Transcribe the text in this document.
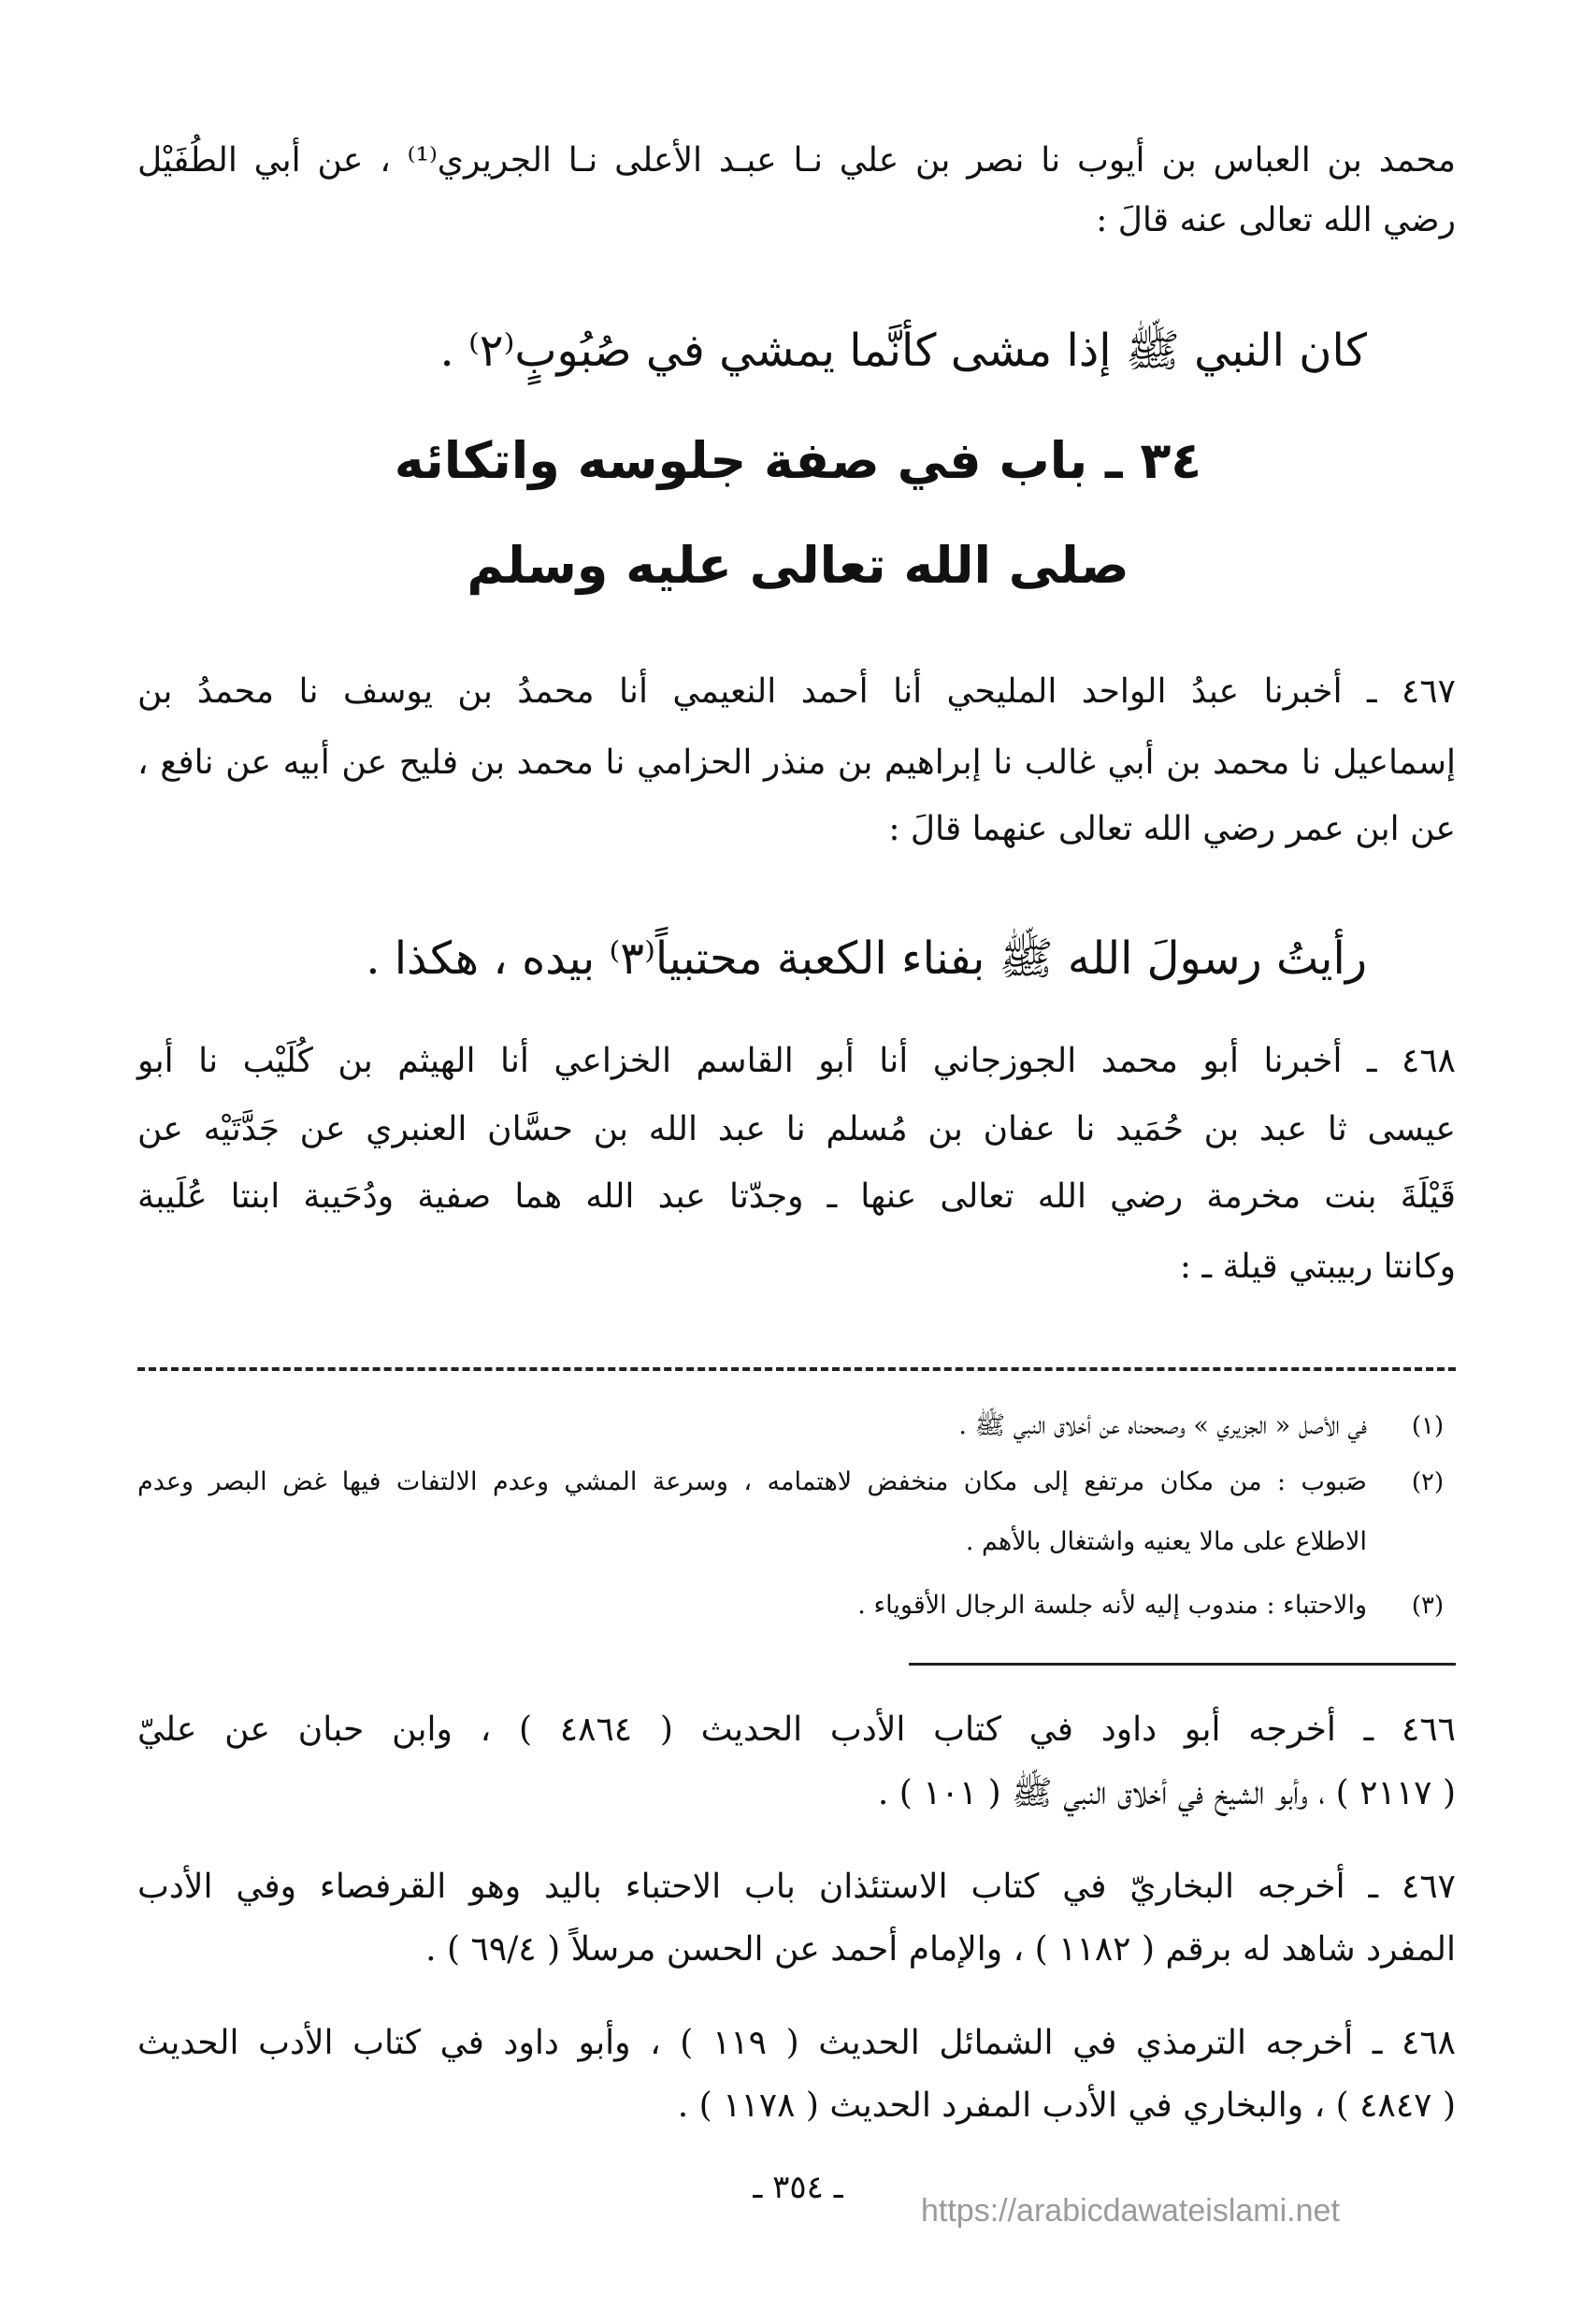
محمد بن العباس بن أيوب نا نصر بن علي نـا عبـد الأعلى نـا الجريري⁽¹⁾ ، عن أبي الطُفَيْل
رضي الله تعالى عنه قالَ :
كان النبي ﷺ إذا مشى كأنَّما يمشي في صُبُوبٍ⁽٢⁾ .
٣٤ ـ باب في صفة جلوسه واتكائه
صلى الله تعالى عليه وسلم
٤٦٧ ـ أخبرنا عبدُ الواحد المليحي أنا أحمد النعيمي أنا محمدُ بن يوسف نا محمدُ بن
إسماعيل نا محمد بن أبي غالب نا إبراهيم بن منذر الحزامي نا محمد بن فليح عن أبيه عن نافع ،
عن ابن عمر رضي الله تعالى عنهما قالَ :
رأيتُ رسولَ الله ﷺ بفناء الكعبة محتبياً⁽٣⁾ بيده ، هكذا .
٤٦٨ ـ أخبرنا أبو محمد الجوزجاني أنا أبو القاسم الخزاعي أنا الهيثم بن كُلَيْب نا أبو
عيسى ثا عبد بن حُمَيد نا عفان بن مُسلم نا عبد الله بن حسَّان العنبري عن جَدَّتَيْه عن
قَيْلَةَ بنت مخرمة رضي الله تعالى عنها ـ وجدّتا عبد الله هما صفية ودُحَيبة ابنتا عُلَيبة
وكانتا ربيبتي قيلة ـ :
(١)
في الأصل « الجزيري » وصححناه عن أخلاق النبي ﷺ .
(٢)
صَبوب : من مكان مرتفع إلى مكان منخفض لاهتمامه ، وسرعة المشي وعدم الالتفات فيها غض البصر وعدم
الاطلاع على مالا يعنيه واشتغال بالأهم .
(٣)
والاحتباء : مندوب إليه لأنه جلسة الرجال الأقوياء .
٤٦٦ ـ أخرجه أبو داود في كتاب الأدب الحديث ( ٤٨٦٤ ) ، وابن حبان عن عليّ
( ٢١١٧ ) ، وأبو الشيخ في أخلاق النبي ﷺ ( ١٠١ ) .
٤٦٧ ـ أخرجه البخاريّ في كتاب الاستئذان باب الاحتباء باليد وهو القرفصاء وفي الأدب
المفرد شاهد له برقم ( ١١٨٢ ) ، والإمام أحمد عن الحسن مرسلاً ( ٦٩/٤ ) .
٤٦٨ ـ أخرجه الترمذي في الشمائل الحديث ( ١١٩ ) ، وأبو داود في كتاب الأدب الحديث
( ٤٨٤٧ ) ، والبخاري في الأدب المفرد الحديث ( ١١٧٨ ) .
ـ ٣٥٤ ـ
https://arabicdawateislami.net
